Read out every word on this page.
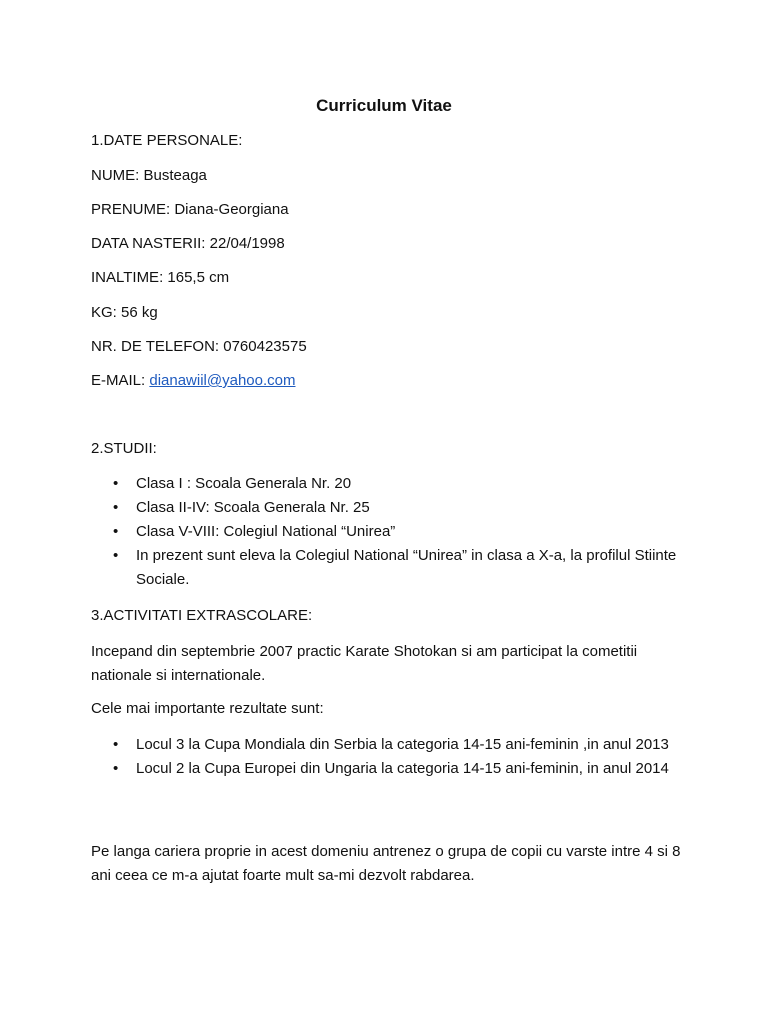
Curriculum Vitae
1.DATE PERSONALE:
NUME: Busteaga
PRENUME: Diana-Georgiana
DATA NASTERII: 22/04/1998
INALTIME: 165,5 cm
KG: 56 kg
NR. DE TELEFON: 0760423575
E-MAIL: dianawiil@yahoo.com
2.STUDII:
• Clasa I : Scoala Generala Nr. 20
• Clasa II-IV: Scoala Generala Nr. 25
• Clasa V-VIII: Colegiul National “Unirea”
• In prezent sunt eleva la Colegiul National “Unirea” in clasa a X-a, la profilul Stiinte Sociale.
3.ACTIVITATI EXTRASCOLARE:
Incepand din septembrie 2007 practic Karate Shotokan si am participat la cometitii nationale si internationale.
Cele mai importante rezultate sunt:
• Locul 3 la Cupa Mondiala din Serbia la categoria 14-15 ani-feminin ,in anul 2013
• Locul 2 la Cupa Europei din Ungaria la categoria 14-15 ani-feminin, in anul 2014
Pe langa cariera proprie in acest domeniu antrenez o grupa de copii cu varste intre 4 si 8 ani ceea ce m-a ajutat foarte mult sa-mi dezvolt rabdarea.
